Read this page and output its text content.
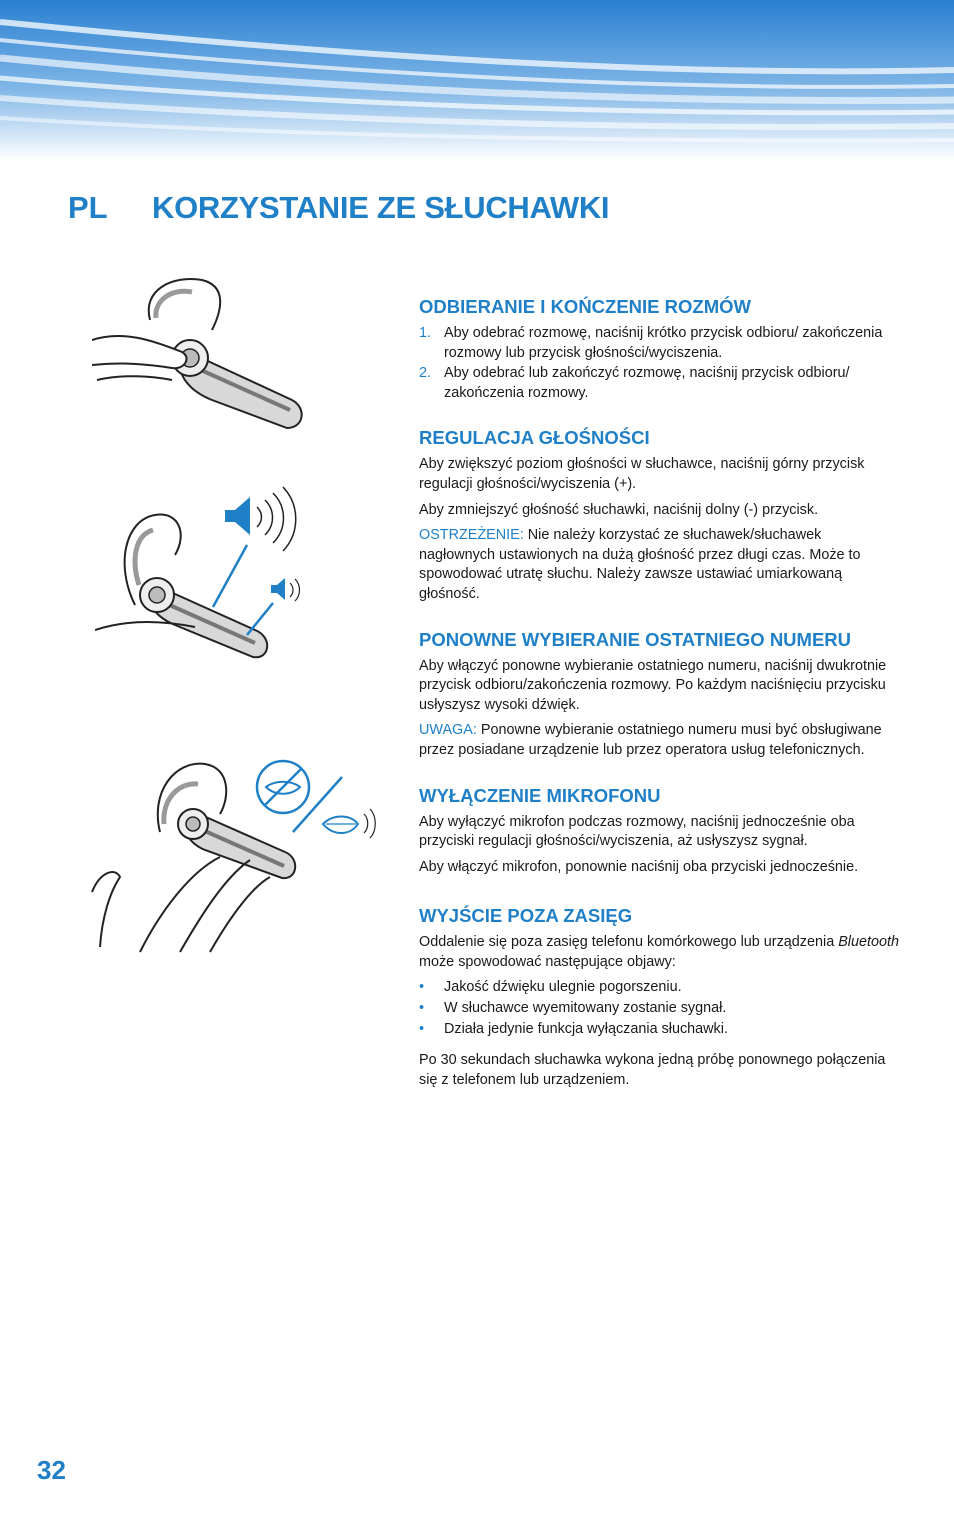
PL KORZYSTANIE ZE SŁUCHAWKI
ODBIERANIE I KOŃCZENIE ROZMÓW
1. Aby odebrać rozmowę, naciśnij krótko przycisk odbioru/ zakończenia rozmowy lub przycisk głośności/wyciszenia.
2. Aby odebrać lub zakończyć rozmowę, naciśnij przycisk odbioru/ zakończenia rozmowy.
REGULACJA GŁOŚNOŚCI

Aby zwiększyć poziom głośności w słuchawce, naciśnij górny przycisk regulacji głośności/wyciszenia (+).

Aby zmniejszyć głośność słuchawki, naciśnij dolny (-) przycisk.

OSTRZEŻENIE: Nie należy korzystać ze słuchawek/słuchawek nagłownych ustawionych na dużą głośność przez długi czas. Może to spowodować utratę słuchu. Należy zawsze ustawiać umiarkowaną głośność.

PONOWNE WYBIERANIE OSTATNIEGO NUMERU

Aby włączyć ponowne wybieranie ostatniego numeru, naciśnij dwukrotnie przycisk odbioru/zakończenia rozmowy. Po każdym naciśnięciu przycisku usłyszysz wysoki dźwięk.

UWAGA: Ponowne wybieranie ostatniego numeru musi być obsługiwane przez posiadane urządzenie lub przez operatora usług telefonicznych.

WYŁĄCZENIE MIKROFONU

Aby wyłączyć mikrofon podczas rozmowy, naciśnij jednocześnie oba przyciski regulacji głośności/wyciszenia, aż usłyszysz sygnał.

Aby włączyć mikrofon, ponownie naciśnij oba przyciski jednocześnie.

WYJŚCIE POZA ZASIĘG

Oddalenie się poza zasięg telefonu komórkowego lub urządzenia Bluetooth może spowodować następujące objawy:

• Jakość dźwięku ulegnie pogorszeniu.
• W słuchawce wyemitowany zostanie sygnał.
• Działa jedynie funkcja wyłączania słuchawki.

Po 30 sekundach słuchawka wykona jedną próbę ponownego połączenia się z telefonem lub urządzeniem.

32
